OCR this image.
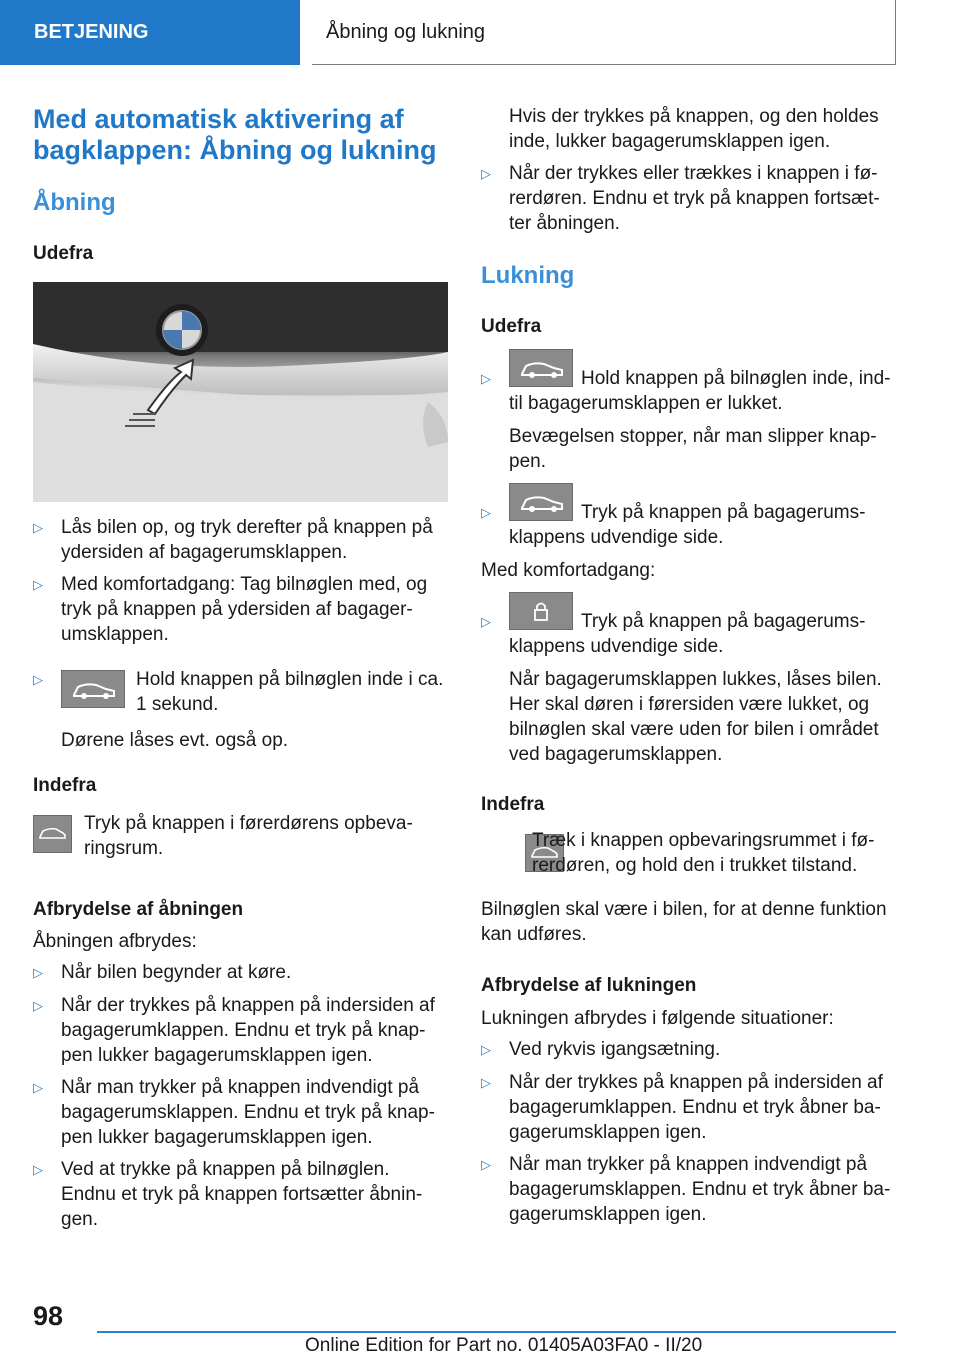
BETJENING	Åbning og lukning
Med automatisk aktivering af
bagklappen: Åbning og lukning
Åbning
Udefra
▷ Lås bilen op, og tryk derefter på knappen på
ydersiden af bagagerumsklappen.
▷ Med komfortadgang: Tag bilnøglen med, og
tryk på knappen på ydersiden af bagager-
umsklappen.
▷	Hold knappen på bilnøglen inde i ca.
1 sekund.
Dørene låses evt. også op.
Indefra

Tryk på knappen i førerdørens opbeva-
ringsrum.
Afbrydelse af åbningen

Åbningen afbrydes:

▷ Når bilen begynder at køre.
▷ Når der trykkes på knappen på indersiden af
bagagerumklappen. Endnu et tryk på knap-
pen lukker bagagerumsklappen igen.
▷ Når man trykker på knappen indvendigt på
bagagerumsklappen. Endnu et tryk på knap-
pen lukker bagagerumsklappen igen.
▷ Ved at trykke på knappen på bilnøglen.
Endnu et tryk på knappen fortsætter åbnin-
gen.
Hvis der trykkes på knappen, og den holdes
inde, lukker bagagerumsklappen igen.
▷ Når der trykkes eller trækkes i knappen i fø-
rerdøren. Endnu et tryk på knappen fortsæt-
ter åbningen.
Lukning
Udefra
▷	Hold knappen på bilnøglen inde, ind-
til bagagerumsklappen er lukket.
Bevægelsen stopper, når man slipper knap-
pen.
▷	Tryk på knappen på bagagerums-
klappens udvendige side.

Med komfortadgang:

▷	Tryk på knappen på bagagerums-
klappens udvendige side.
Når bagagerumsklappen lukkes, låses bilen.
Her skal døren i førersiden være lukket, og
bilnøglen skal være uden for bilen i området
ved bagagerumsklappen.
Indefra
Træk i knappen opbevaringsrummet i fø-
rerdøren, og hold den i trukket tilstand.
Bilnøglen skal være i bilen, for at denne funktion
kan udføres.
Afbrydelse af lukningen

Lukningen afbrydes i følgende situationer:

▷ Ved rykvis igangsætning.
▷ Når der trykkes på knappen på indersiden af
bagagerumklappen. Endnu et tryk åbner ba-
gagerumsklappen igen.
▷ Når man trykker på knappen indvendigt på
bagagerumsklappen. Endnu et tryk åbner ba-
gagerumsklappen igen.
98
Online Edition for Part no. 01405A03FA0 - II/20
